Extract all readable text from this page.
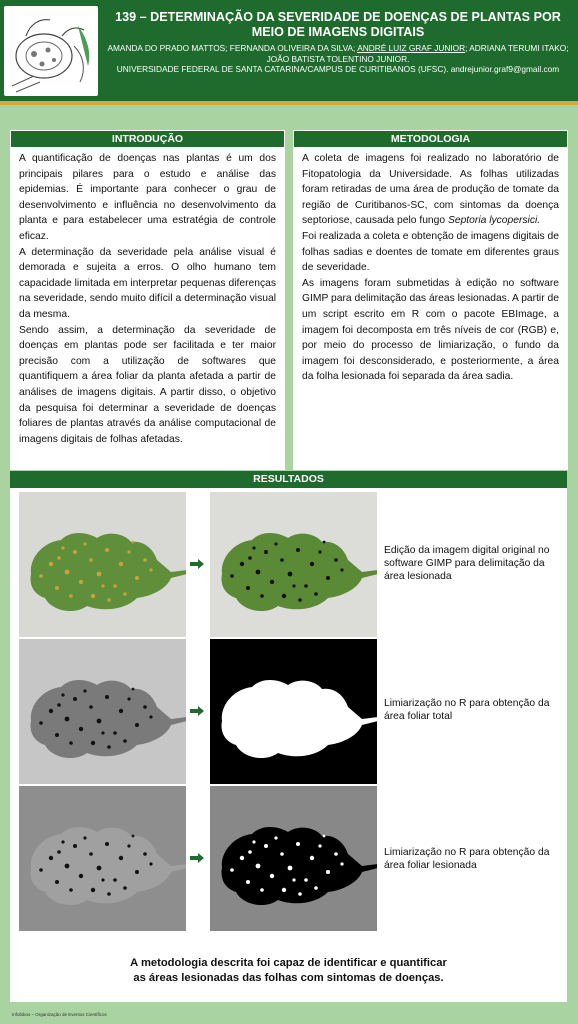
139 – DETERMINAÇÃO DA SEVERIDADE DE DOENÇAS DE PLANTAS POR
MEIO DE IMAGENS DIGITAIS
AMANDA DO PRADO MATTOS; FERNANDA OLIVEIRA DA SILVA; ANDRÉ LUIZ GRAF JUNIOR; ADRIANA TERUMI ITAKO;
JOÃO BATISTA TOLENTINO JUNIOR.
UNIVERSIDADE FEDERAL DE SANTA CATARINA/CAMPUS DE CURITIBANOS (UFSC). andrejunior.graf9@gmail.com
INTRODUÇÃO

A quantificação de doenças nas plantas é um dos principais pilares para o estudo e análise das epidemias. É importante para conhecer o grau de desenvolvimento e influência no desenvolvimento da planta e para estabelecer uma estratégia de controle eficaz.

A determinação da severidade pela análise visual é demorada e sujeita a erros. O olho humano tem capacidade limitada em interpretar pequenas diferenças na severidade, sendo muito difícil a determinação visual da mesma.

Sendo assim, a determinação da severidade de doenças em plantas pode ser facilitada e ter maior precisão com a utilização de softwares que quantifiquem a área foliar da planta afetada a partir de análises de imagens digitais. A partir disso, o objetivo da pesquisa foi determinar a severidade de doenças foliares de plantas através da análise computacional de imagens digitais de folhas afetadas.

METODOLOGIA

A coleta de imagens foi realizado no laboratório de Fitopatologia da Universidade. As folhas utilizadas foram retiradas de uma área de produção de tomate da região de Curitibanos-SC, com sintomas da doença septoriose, causada pelo fungo Septoria lycopersici.

Foi realizada a coleta e obtenção de imagens digitais de folhas sadias e doentes de tomate em diferentes graus de severidade.

As imagens foram submetidas à edição no software GIMP para delimitação das áreas lesionadas. A partir de um script escrito em R com o pacote EBImage, a imagem foi decomposta em três níveis de cor (RGB) e, por meio do processo de limiarização, o fundo da imagem foi desconsiderado, e posteriormente, a área da folha lesionada foi separada da área sadia.

RESULTADOS
Edição da imagem digital original no software GIMP para delimitação da área lesionada
Limiarização no R para obtenção da área foliar total
Limiarização no R para obtenção da área foliar lesionada
A metodologia descrita foi capaz de identificar e quantificar
as áreas lesionadas das folhas com sintomas de doenças.
Infobibos – Organização de Eventos Científicos
